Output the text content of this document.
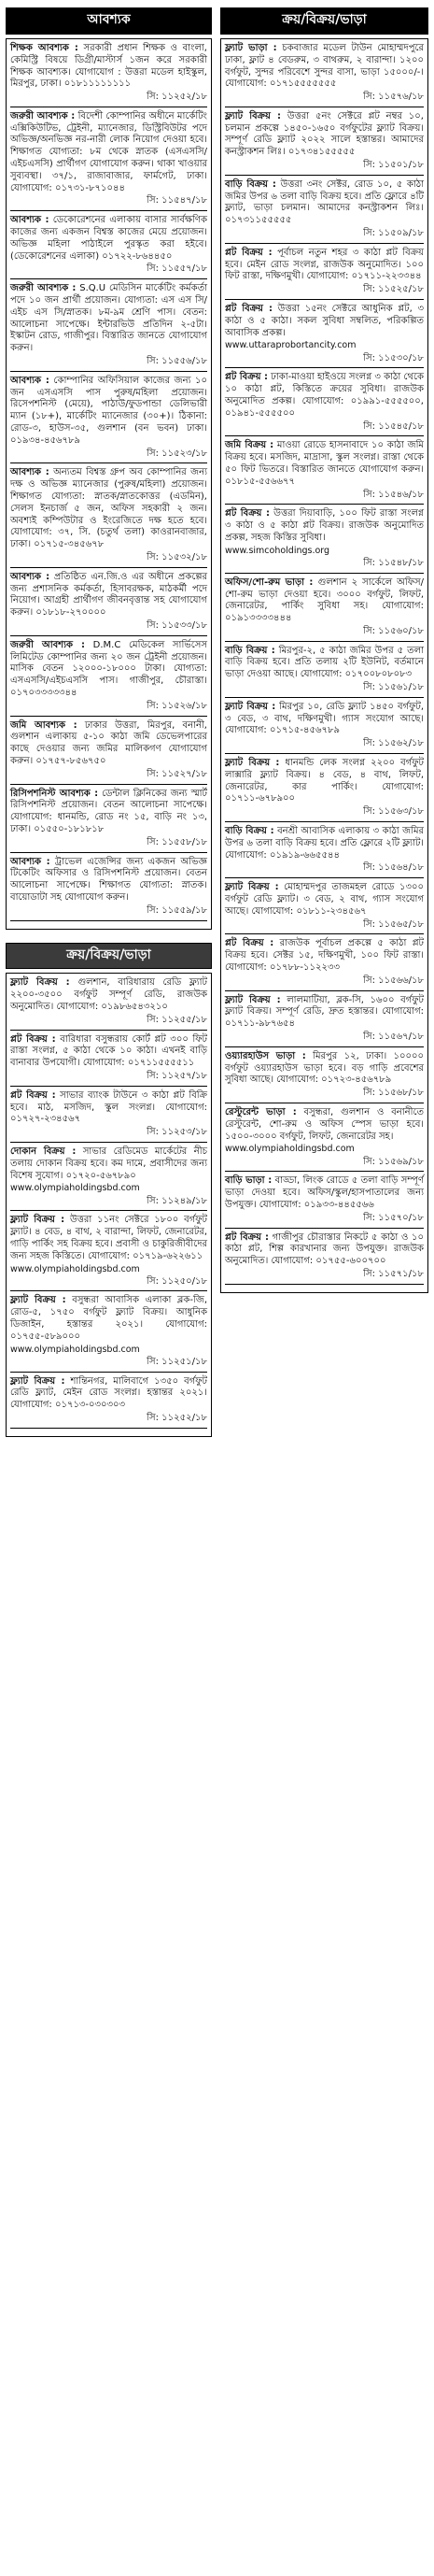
আবশ্যক
শিক্ষক আবশ্যক : সরকারী প্রধান শিক্ষক ও বাংলা, কেমিস্ট্রি বিষয়ে ডিগ্রী/মাস্টার্স ১জন করে সরকারী শিক্ষক আবশ্যক। যোগাযোগ : উত্তরা মডেল হাইস্কুল, মিরপুর, ঢাকা। ০১৮১১১১১১১১
সি: ১১২৫২/১৮
জরুরী আবশ্যক : বিদেশী কোম্পানির অধীনে মার্কেটিং এক্সিকিউটিভ, ট্রেইনী, ম্যানেজার, ডিস্ট্রিবিউটর পদে অভিজ্ঞ/অনভিজ্ঞ নর-নারী লোক নিয়োগ দেওয়া হবে। শিক্ষাগত যোগ্যতা: ৮ম থেকে স্নাতক (এসএসসি/এইচএসসি) প্রার্থীগণ যোগাযোগ করুন। থাকা খাওয়ার সুব্যবস্থা। ৩৭/১, রাজাবাজার, ফার্মগেট, ঢাকা। যোগাযোগ: ০১৭৩১-৮৭১০৪৪
সি: ১১৫৪৭/১৮
আবশ্যক : ডেকোরেশনের এলাকায় বাসার সার্বক্ষণিক কাজের জন্য একজন বিশ্বস্ত কাজের মেয়ে প্রয়োজন। অভিজ্ঞ মহিলা পাঠাইলে পুরস্কৃত করা হইবে। (ডেকোরেশনের এলাকা) ০১৭২২-৮৬৪৪৫০
সি: ১১৫৫৭/১৮
জরুরী আবশ্যক : S.Q.U মেডিসিন মার্কেটিং কর্মকর্তা পদে ১০ জন প্রার্থী প্রয়োজন। যোগ্যতা: এস এস সি/এইচ এস সি/স্নাতক। ৮ম-৯ম শ্রেণি পাস। বেতন: আলোচনা সাপেক্ষে। ইন্টারভিউ প্রতিদিন ২-৫টা। ইস্কাটন রোড, গাজীপুর। বিস্তারিত জানতে যোগাযোগ করুন।
সি: ১১৫৫৬/১৮
আবশ্যক : কোম্পানির অফিসিয়াল কাজের জন্য ১০ জন এসএসসি পাস পুরুষ/মহিলা প্রয়োজন। রিসেপশনিস্ট (মেয়ে), পাঠাউ/ফুডপান্ডা ডেলিভারী ম্যান (১৮+), মার্কেটিং ম্যানেজার (৩০+)। ঠিকানা: রোড-৩, হাউস-৩৫, গুলশান (বন ভবন) ঢাকা। ০১৯৩৪-৪৫৬৭৮৯
সি: ১১৫২৩/১৮
আবশ্যক : অন্যতম বিশ্বস্ত গ্রুপ অব কোম্পানির জন্য দক্ষ ও অভিজ্ঞ ম্যানেজার (পুরুষ/মহিলা) প্রয়োজন। শিক্ষাগত যোগ্যতা: স্নাতক/স্নাতকোত্তর (এডমিন), সেলস ইনচার্জ ৫ জন, অফিস সহকারী ২ জন। অবশ্যই কম্পিউটার ও ইংরেজিতে দক্ষ হতে হবে। যোগাযোগ: ৩৭, সি. (চতুর্থ তলা) কাওরানবাজার, ঢাকা। ০১৭১৫-৩৪৫৬৭৮
সি: ১১৫৩২/১৮
আবশ্যক : প্রতিষ্ঠিত এন.জি.ও এর অধীনে প্রকল্পের জন্য প্রশাসনিক কর্মকর্তা, হিসাবরক্ষক, মাঠকর্মী পদে নিয়োগ। আগ্রহী প্রার্থীগণ জীবনবৃত্তান্ত সহ যোগাযোগ করুন। ০১৮১৮-২৭০০০০
সি: ১১৫৩৩/১৮
জরুরী আবশ্যক : D.M.C মেডিকেল সার্ভিসেস লিমিটেড কোম্পানির জন্য ২০ জন ট্রেইনী প্রয়োজন। মাসিক বেতন ১২০০০-১৮০০০ টাকা। যোগ্যতা: এসএসসি/এইচএসসি পাস। গাজীপুর, চৌরাস্তা। ০১৭০৩৩৩৩৩৪৪
সি: ১১৫২৬/১৮
জমি আবশ্যক : ঢাকার উত্তরা, মিরপুর, বনানী, গুলশান এলাকায় ৫-১০ কাঠা জমি ডেভেলপারের কাছে দেওয়ার জন্য জমির মালিকগণ যোগাযোগ করুন। ০১৭৫৭-৮৫৬৭৫০
সি: ১১৫২৭/১৮
রিসিপশনিস্ট আবশ্যক : ডেন্টাল ক্লিনিকের জন্য স্মার্ট রিসিপশনিস্ট প্রয়োজন। বেতন আলোচনা সাপেক্ষে। যোগাযোগ: ধানমন্ডি, রোড নং ১৫, বাড়ি নং ১৩, ঢাকা। ০১৫৫০-১৮১৮১৮
সি: ১১৫৫৮/১৮
আবশ্যক : ট্রাভেল এজেন্সির জন্য একজন অভিজ্ঞ টিকেটিং অফিসার ও রিসিপশনিস্ট প্রয়োজন। বেতন আলোচনা সাপেক্ষে। শিক্ষাগত যোগ্যতা: স্নাতক। বায়োডাটা সহ যোগাযোগ করুন।
সি: ১১৫৫৯/১৮
ক্রয়/বিক্রয়/ভাড়া
ফ্ল্যাট বিক্রয় : গুলশান, বারিধারায় রেডি ফ্ল্যাট ২২০০-৩৫০০ বর্গফুট সম্পূর্ণ রেডি, রাজউক অনুমোদিত। যোগাযোগ: ০১৯৮৬৫৪৩২১০
সি: ১১২৫৫/১৮
প্লট বিক্রয় : বারিধারা বসুন্ধরায় কোর্ট প্লট ৩০০ ফিট রাস্তা সংলগ্ন, ৫ কাঠা থেকে ১০ কাঠা। এখনই বাড়ি বানাবার উপযোগী। যোগাযোগ: ০১৭১১৫৫৫৫১১
সি: ১১২৫৭/১৮
প্লট বিক্রয় : সাভার ব্যাংক টাউনে ৩ কাঠা প্লট বিক্রি হবে। মাঠ, মসজিদ, স্কুল সংলগ্ন। যোগাযোগ: ০১৭২৭-২৩৪৫৬৭
সি: ১১২৫৩/১৮
দোকান বিক্রয় : সাভার রেডিমেড মার্কেটের নীচ তলায় দোকান বিক্রয় হবে। কম দামে, প্রবাসীদের জন্য বিশেষ সুযোগ। ০১৭২০-৫৬৭৮৯০
www.olympiaholdingsbd.com
সি: ১১২৪৯/১৮
ফ্ল্যাট বিক্রয় : উত্তরা ১১নং সেক্টরে ১৮০০ বর্গফুট ফ্ল্যাট। ৪ বেড, ৪ বাথ, ২ বারান্দা, লিফট, জেনারেটর, গাড়ি পার্কিং সহ বিক্রয় হবে। প্রবাসী ও চাকুরিজীবীদের জন্য সহজ কিস্তিতে। যোগাযোগ: ০১৭১৯-৬২২৬১১
www.olympiaholdingsbd.com
সি: ১১২৫০/১৮
ফ্ল্যাট বিক্রয় : বসুন্ধরা আবাসিক এলাকা ব্লক-জি, রোড-৫, ১৭৫০ বর্গফুট ফ্ল্যাট বিক্রয়। আধুনিক ডিজাইন, হস্তান্তর ২০২১। যোগাযোগ: ০১৭৫৫-৫৮৯০০০
www.olympiaholdingsbd.com
সি: ১১২৫১/১৮
ফ্ল্যাট বিক্রয় : শান্তিনগর, মালিবাগে ১৩৫০ বর্গফুট রেডি ফ্ল্যাট, মেইন রোড সংলগ্ন। হস্তান্তর ২০২১। যোগাযোগ: ০১৭১৩-০৩০৩০৩
সি: ১১২৫২/১৮
ক্রয়/বিক্রয়/ভাড়া
ফ্ল্যাট ভাড়া : চকবাজার মডেল টাউন মোহাম্মদপুরে ঢাকা, ফ্লাট ৪ বেডরুম, ৩ বাথরুম, ২ বারান্দা। ১২০০ বর্গফুট, সুন্দর পরিবেশে সুন্দর বাসা, ভাড়া ১৫০০০/-। যোগাযোগ: ০১৭১৫৫৫৫৫৫৫
সি: ১১৫৭৬/১৮
ফ্ল্যাট বিক্রয় : উত্তরা ৫নং সেক্টরে প্লট নম্বর ১০, চলমান প্রকল্পে ১৪৫০-১৬৫০ বর্গফুটের ফ্ল্যাট বিক্রয়। সম্পূর্ণ রেডি ফ্ল্যাট ২০২২ সালে হস্তান্তর। আমাদের কনস্ট্রাকশন লিঃ। ০১৭৩৪১৫৫৫৫৫
সি: ১১৫০১/১৮
বাড়ি বিক্রয় : উত্তরা ৩নং সেক্টর, রোড ১০, ৫ কাঠা জমির উপর ৬ তলা বাড়ি বিক্রয় হবে। প্রতি ফ্লোরে ৪টি ফ্ল্যাট, ভাড়া চলমান। আমাদের কনস্ট্রাকশন লিঃ। ০১৭৩১১৫৫৫৫৫
সি: ১১৫০৯/১৮
প্লট বিক্রয় : পূর্বাচল নতুন শহর ৩ কাঠা প্লট বিক্রয় হবে। মেইন রোড সংলগ্ন, রাজউক অনুমোদিত। ১০০ ফিট রাস্তা, দক্ষিণমুখী। যোগাযোগ: ০১৭১১-২২৩৩৪৪
সি: ১১৫২৫/১৮
প্লট বিক্রয় : উত্তরা ১৫নং সেক্টরে আধুনিক প্লট, ৩ কাঠা ও ৫ কাঠা। সকল সুবিধা সম্বলিত, পরিকল্পিত আবাসিক প্রকল্প।
www.uttaraprobortancity.com
সি: ১১৫৩০/১৮
প্লট বিক্রয় : ঢাকা-মাওয়া হাইওয়ে সংলগ্ন ৩ কাঠা থেকে ১০ কাঠা প্লট, কিস্তিতে ক্রয়ের সুবিধা। রাজউক অনুমোদিত প্রকল্প। যোগাযোগ: ০১৯৯১-৫৫৫৫০০, ০১৯৪১-৫৫৫৫০০
সি: ১১৫৪৫/১৮
জমি বিক্রয় : মাওয়া রোডে হাসনাবাদে ১০ কাঠা জমি বিক্রয় হবে। মসজিদ, মাদ্রাসা, স্কুল সংলগ্ন। রাস্তা থেকে ৫০ ফিট ভিতরে। বিস্তারিত জানতে যোগাযোগ করুন। ০১৮১৫-৫৫৬৬৭৭
সি: ১১৫৪৬/১৮
প্লট বিক্রয় : উত্তরা দিয়াবাড়ি, ১০০ ফিট রাস্তা সংলগ্ন ৩ কাঠা ও ৫ কাঠা প্লট বিক্রয়। রাজউক অনুমোদিত প্রকল্প, সহজ কিস্তির সুবিধা।
www.simcoholdings.org
সি: ১১৫৪৮/১৮
অফিস/শো-রুম ভাড়া : গুলশান ২ সার্কেলে অফিস/শো-রুম ভাড়া দেওয়া হবে। ৩০০০ বর্গফুট, লিফট, জেনারেটর, পার্কিং সুবিধা সহ। যোগাযোগ: ০১৯১৩৩৩৩৪৪৪
সি: ১১৫৬০/১৮
বাড়ি বিক্রয় : মিরপুর-২, ৫ কাঠা জমির উপর ৫ তলা বাড়ি বিক্রয় হবে। প্রতি তলায় ২টি ইউনিট, বর্তমানে ভাড়া দেওয়া আছে। যোগাযোগ: ০১৭০০৮০৮০৮৩
সি: ১১৫৬১/১৮
ফ্ল্যাট বিক্রয় : মিরপুর ১০, রেডি ফ্ল্যাট ১৪৫০ বর্গফুট, ৩ বেড, ৩ বাথ, দক্ষিণমুখী। গ্যাস সংযোগ আছে। যোগাযোগ: ০১৭১৫-৪৫৬৭৮৯
সি: ১১৫৬২/১৮
ফ্ল্যাট বিক্রয় : ধানমন্ডি লেক সংলগ্ন ২২০০ বর্গফুট লাক্সারি ফ্ল্যাট বিক্রয়। ৪ বেড, ৪ বাথ, লিফট, জেনারেটর, কার পার্কিং। যোগাযোগ: ০১৭১১-৬৭৮৯০০
সি: ১১৫৬৩/১৮
বাড়ি বিক্রয় : বনশ্রী আবাসিক এলাকায় ৩ কাঠা জমির উপর ৬ তলা বাড়ি বিক্রয় হবে। প্রতি ফ্লোরে ২টি ফ্ল্যাট। যোগাযোগ: ০১৯১৯-৬৬৫৫৪৪
সি: ১১৫৬৪/১৮
ফ্ল্যাট বিক্রয় : মোহাম্মদপুর তাজমহল রোডে ১৩০০ বর্গফুট রেডি ফ্ল্যাট। ৩ বেড, ২ বাথ, গ্যাস সংযোগ আছে। যোগাযোগ: ০১৮১১-২৩৪৫৬৭
সি: ১১৫৬৫/১৮
প্লট বিক্রয় : রাজউক পূর্বাচল প্রকল্পে ৫ কাঠা প্লট বিক্রয় হবে। সেক্টর ১৫, দক্ষিণমুখী, ১০০ ফিট রাস্তা। যোগাযোগ: ০১৭৮৮-১১২২৩৩
সি: ১১৫৬৬/১৮
ফ্ল্যাট বিক্রয় : লালমাটিয়া, ব্লক-সি, ১৬০০ বর্গফুট ফ্ল্যাট বিক্রয়। সম্পূর্ণ রেডি, দ্রুত হস্তান্তর। যোগাযোগ: ০১৭১১-৯৮৭৬৫৪
সি: ১১৫৬৭/১৮
ওয়্যারহাউস ভাড়া : মিরপুর ১২, ঢাকা। ১০০০০ বর্গফুট ওয়্যারহাউস ভাড়া হবে। বড় গাড়ি প্রবেশের সুবিধা আছে। যোগাযোগ: ০১৭২৩-৪৫৬৭৮৯
সি: ১১৫৬৮/১৮
রেস্টুরেন্ট ভাড়া : বসুন্ধরা, গুলশান ও বনানীতে রেস্টুরেন্ট, শো-রুম ও অফিস স্পেস ভাড়া হবে। ১৫০০-৩০০০ বর্গফুট, লিফট, জেনারেটর সহ।
www.olympiaholdingsbd.com
সি: ১১৫৬৯/১৮
বাড়ি ভাড়া : বাড্ডা, লিংক রোডে ৫ তলা বাড়ি সম্পূর্ণ ভাড়া দেওয়া হবে। অফিস/স্কুল/হাসপাতালের জন্য উপযুক্ত। যোগাযোগ: ০১৯৩৩-৪৪৫৫৬৬
সি: ১১৫৭০/১৮
প্লট বিক্রয় : গাজীপুর চৌরাস্তার নিকটে ৫ কাঠা ও ১০ কাঠা প্লট, শিল্প কারখানার জন্য উপযুক্ত। রাজউক অনুমোদিত। যোগাযোগ: ০১৭৫৫-৬০০৭০০
সি: ১১৫৭১/১৮
